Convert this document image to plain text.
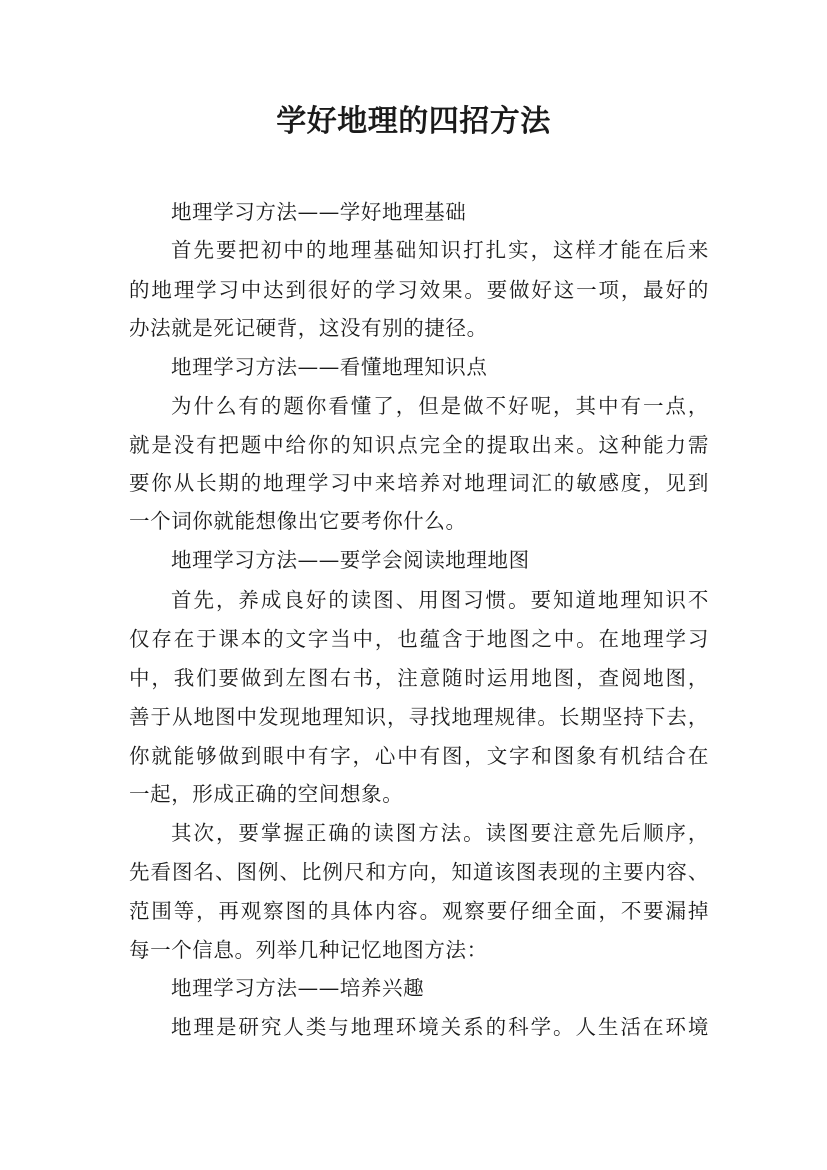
学好地理的四招方法
地理学习方法——学好地理基础
首先要把初中的地理基础知识打扎实，这样才能在后来
的地理学习中达到很好的学习效果。要做好这一项，最好的
办法就是死记硬背，这没有别的捷径。
地理学习方法——看懂地理知识点
为什么有的题你看懂了，但是做不好呢，其中有一点，
就是没有把题中给你的知识点完全的提取出来。这种能力需
要你从长期的地理学习中来培养对地理词汇的敏感度，见到
一个词你就能想像出它要考你什么。
地理学习方法——要学会阅读地理地图
首先，养成良好的读图、用图习惯。要知道地理知识不
仅存在于课本的文字当中，也蕴含于地图之中。在地理学习
中，我们要做到左图右书，注意随时运用地图，查阅地图，
善于从地图中发现地理知识，寻找地理规律。长期坚持下去，
你就能够做到眼中有字，心中有图，文字和图象有机结合在
一起，形成正确的空间想象。
其次，要掌握正确的读图方法。读图要注意先后顺序，
先看图名、图例、比例尺和方向，知道该图表现的主要内容、
范围等，再观察图的具体内容。观察要仔细全面，不要漏掉
每一个信息。列举几种记忆地图方法：
地理学习方法——培养兴趣
地理是研究人类与地理环境关系的科学。人生活在环境
